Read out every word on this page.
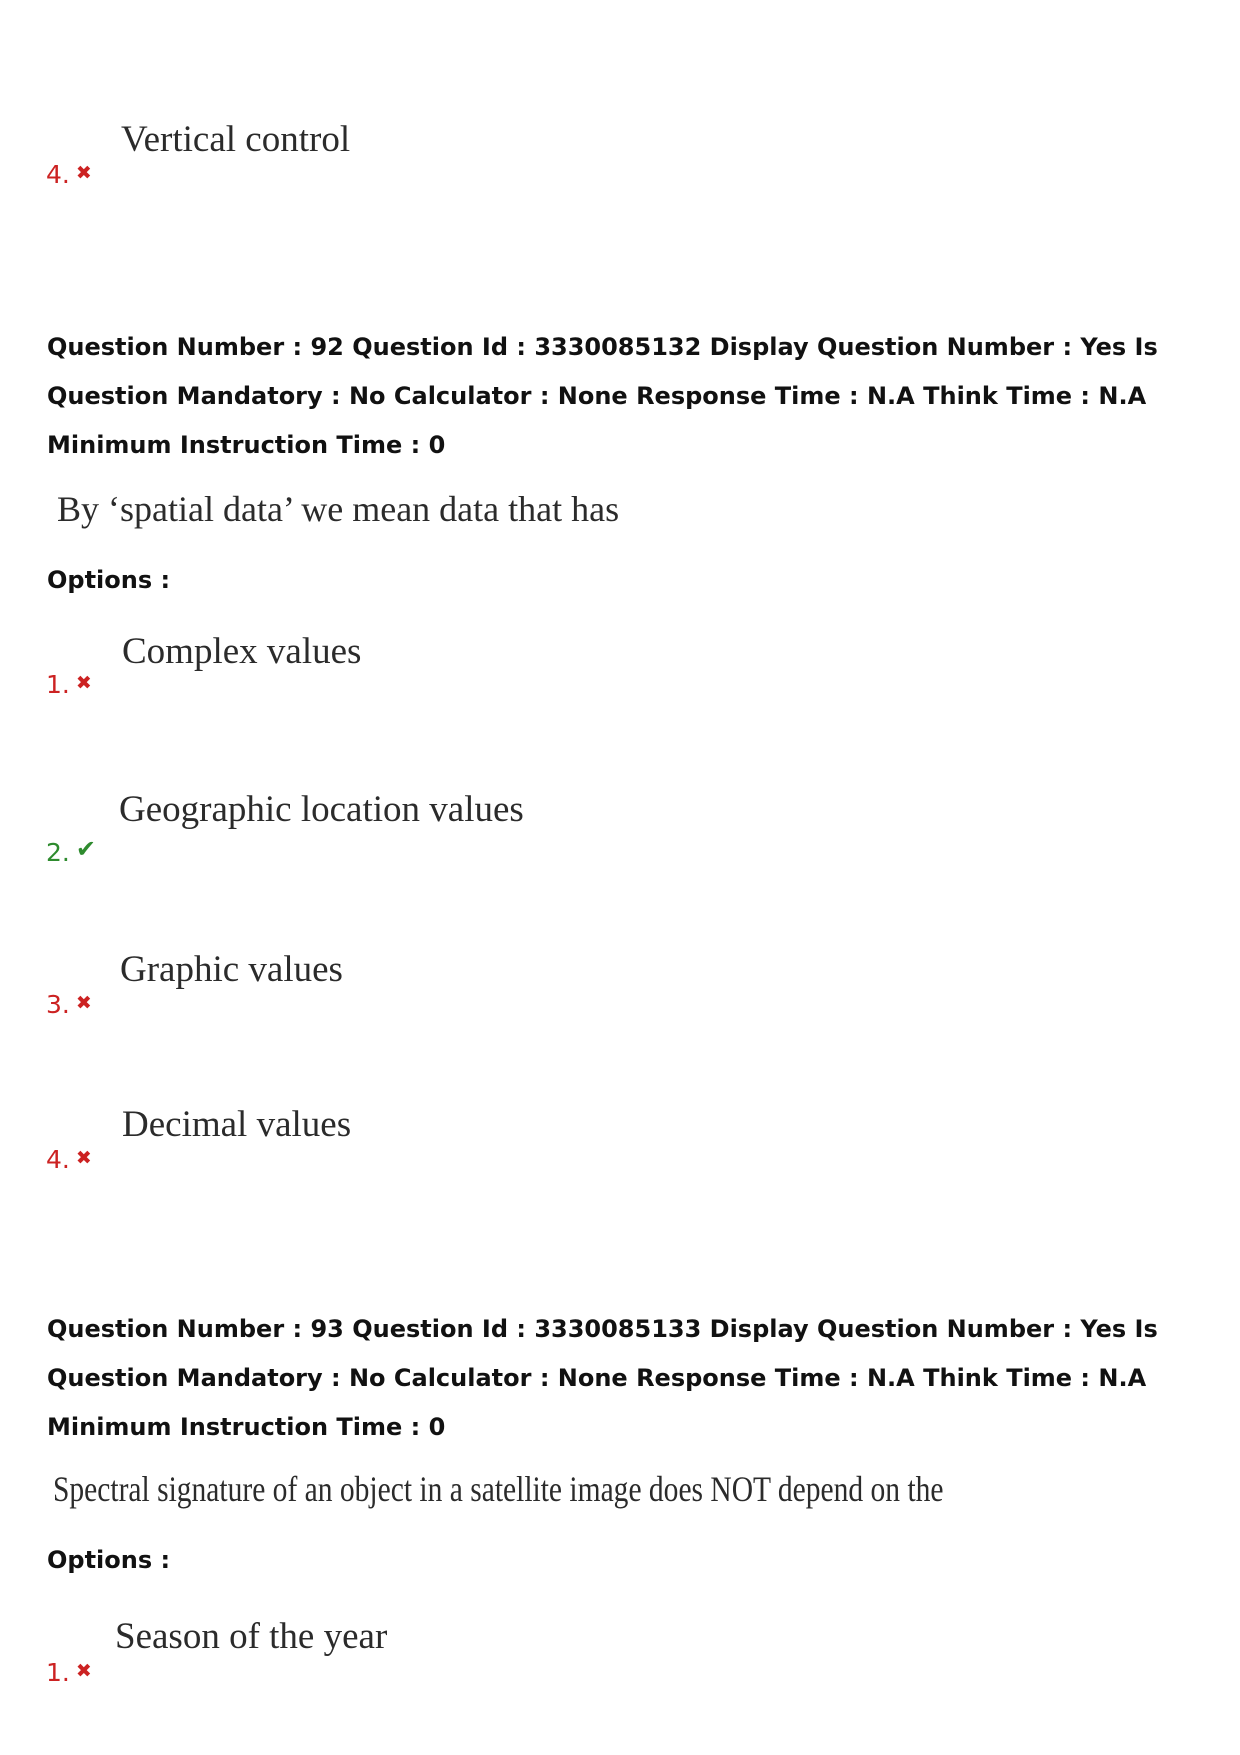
Vertical control
4. ✖
Question Number : 92 Question Id : 3330085132 Display Question Number : Yes Is Question Mandatory : No Calculator : None Response Time : N.A Think Time : N.A Minimum Instruction Time : 0
By ‘spatial data’ we mean data that has
Options :
Complex values
1. ✖
Geographic location values
2. ✔
Graphic values
3. ✖
Decimal values
4. ✖
Question Number : 93 Question Id : 3330085133 Display Question Number : Yes Is Question Mandatory : No Calculator : None Response Time : N.A Think Time : N.A Minimum Instruction Time : 0
Spectral signature of an object in a satellite image does NOT depend on the
Options :
Season of the year
1. ✖
